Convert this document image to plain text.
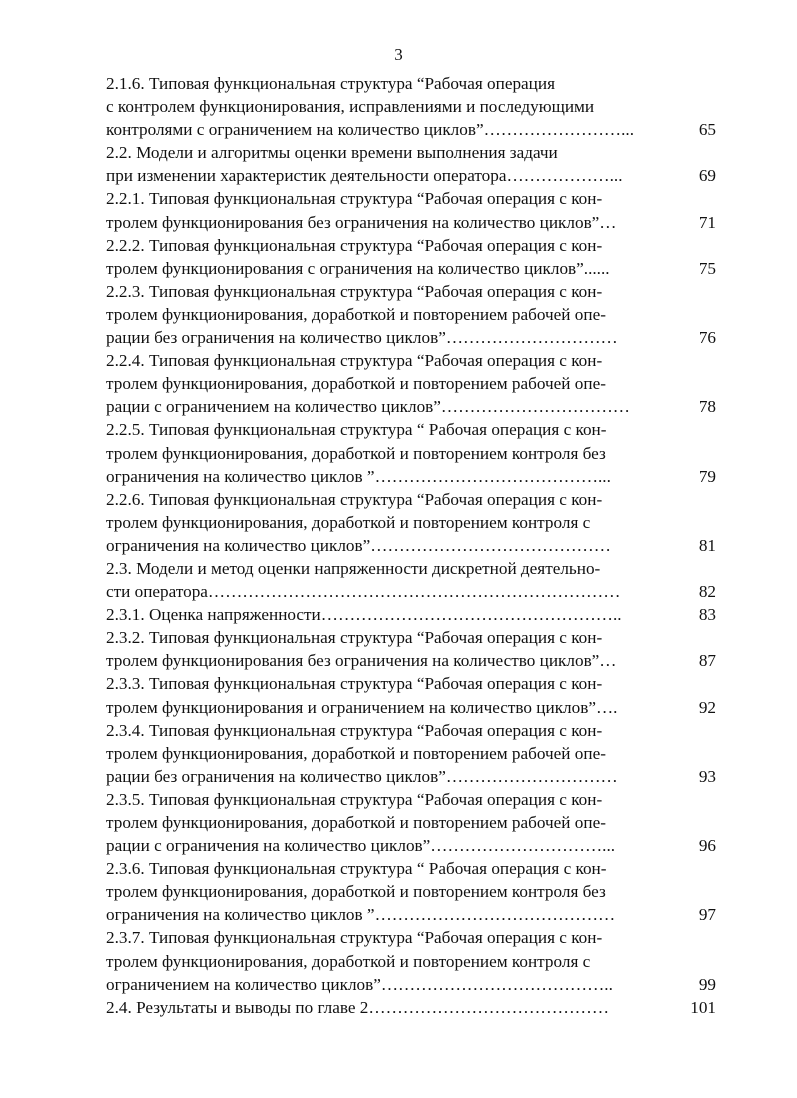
3
2.1.6. Типовая функциональная структура “Рабочая операция
с контролем функционирования, исправлениями и последующими
контролями с ограничением на количество циклов”……………………...	65
2.2. Модели и алгоритмы оценки времени выполнения задачи
при изменении характеристик деятельности оператора………………...	69
2.2.1. Типовая функциональная структура “Рабочая операция с кон-
тролем функционирования без ограничения на количество циклов”…	71
2.2.2. Типовая функциональная структура “Рабочая операция с кон-
тролем функционирования с ограничения на количество циклов”......	75
2.2.3. Типовая функциональная структура “Рабочая операция с кон-
тролем функционирования, доработкой и повторением рабочей опе-
рации без ограничения на количество циклов”…………………………	76
2.2.4. Типовая функциональная структура “Рабочая операция с кон-
тролем функционирования, доработкой и повторением рабочей опе-
рации с ограничением на количество циклов”……………………………	78
2.2.5. Типовая функциональная структура “ Рабочая операция с кон-
тролем функционирования, доработкой и повторением контроля без
ограничения на количество циклов ”…………………………………...	79
2.2.6. Типовая функциональная структура “Рабочая операция с кон-
тролем функционирования, доработкой и повторением контроля с
ограничения на количество циклов”……………………………………	81
2.3. Модели и метод оценки напряженности дискретной деятельно-
сти оператора………………………………………………………………	82
2.3.1. Оценка напряженности……………………………………………..	83
2.3.2. Типовая функциональная структура “Рабочая операция с кон-
тролем функционирования без ограничения на количество циклов”…	87
2.3.3. Типовая функциональная структура “Рабочая операция с кон-
тролем функционирования и ограничением на количество циклов”….	92
2.3.4. Типовая функциональная структура “Рабочая операция с кон-
тролем функционирования, доработкой и повторением рабочей опе-
рации без ограничения на количество циклов”…………………………	93
2.3.5. Типовая функциональная структура “Рабочая операция с кон-
тролем функционирования, доработкой и повторением рабочей опе-
рации с ограничения на количество циклов”…………………………...	96
2.3.6. Типовая функциональная структура “ Рабочая операция с кон-
тролем функционирования, доработкой и повторением контроля без
ограничения на количество циклов ”……………………………………	97
2.3.7. Типовая функциональная структура “Рабочая операция с кон-
тролем функционирования, доработкой и повторением контроля с
ограничением на количество циклов”…………………………………..	99
2.4. Результаты и выводы по главе 2……………………………………	101
